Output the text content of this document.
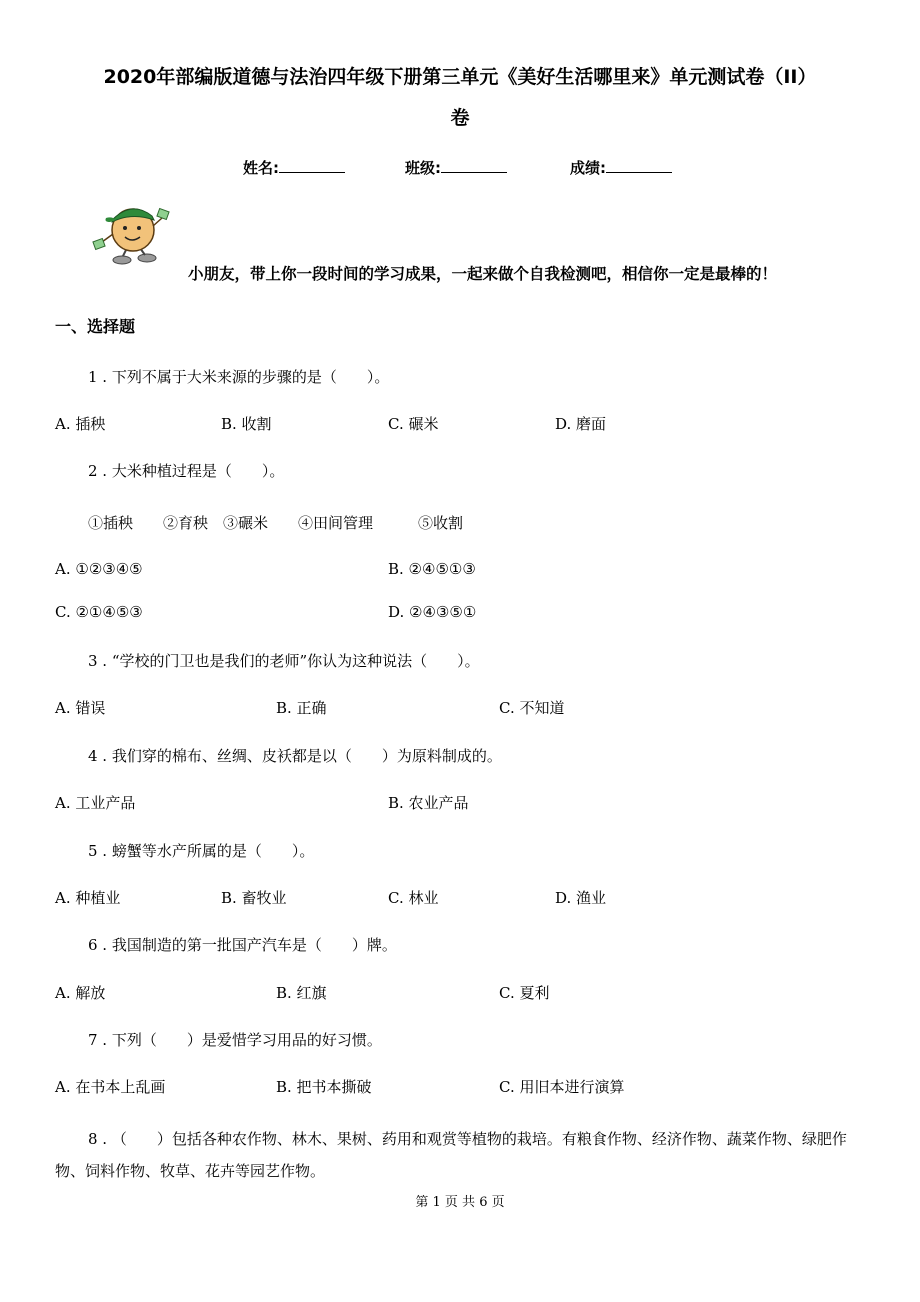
2020年部编版道德与法治四年级下册第三单元《美好生活哪里来》单元测试卷（II）
卷
姓名:	班级:	成绩:
小朋友，带上你一段时间的学习成果，一起来做个自我检测吧，相信你一定是最棒的！
一、选择题
1 . 下列不属于大米来源的步骤的是（　　）。
A. 插秧	B. 收割	C. 碾米	D. 磨面
2 . 大米种植过程是（　　）。
①插秧　　②育秧　③碾米　　④田间管理　　　⑤收割
A. ①②③④⑤	B. ②④⑤①③
C. ②①④⑤③	D. ②④③⑤①
3 . “学校的门卫也是我们的老师”你认为这种说法（　　）。
A. 错误	B. 正确	C. 不知道
4 . 我们穿的棉布、丝绸、皮袄都是以（　　）为原料制成的。
A. 工业产品	B. 农业产品
5 . 螃蟹等水产所属的是（　　）。
A. 种植业	B. 畜牧业	C. 林业	D. 渔业
6 . 我国制造的第一批国产汽车是（　　）牌。
A. 解放	B. 红旗	C. 夏利
7 . 下列（　　）是爱惜学习用品的好习惯。
A. 在书本上乱画	B. 把书本撕破	C. 用旧本进行演算
8 . （　　）包括各种农作物、林木、果树、药用和观赏等植物的栽培。有粮食作物、经济作物、蔬菜作物、绿肥作物、饲料作物、牧草、花卉等园艺作物。
第 1 页 共 6 页
